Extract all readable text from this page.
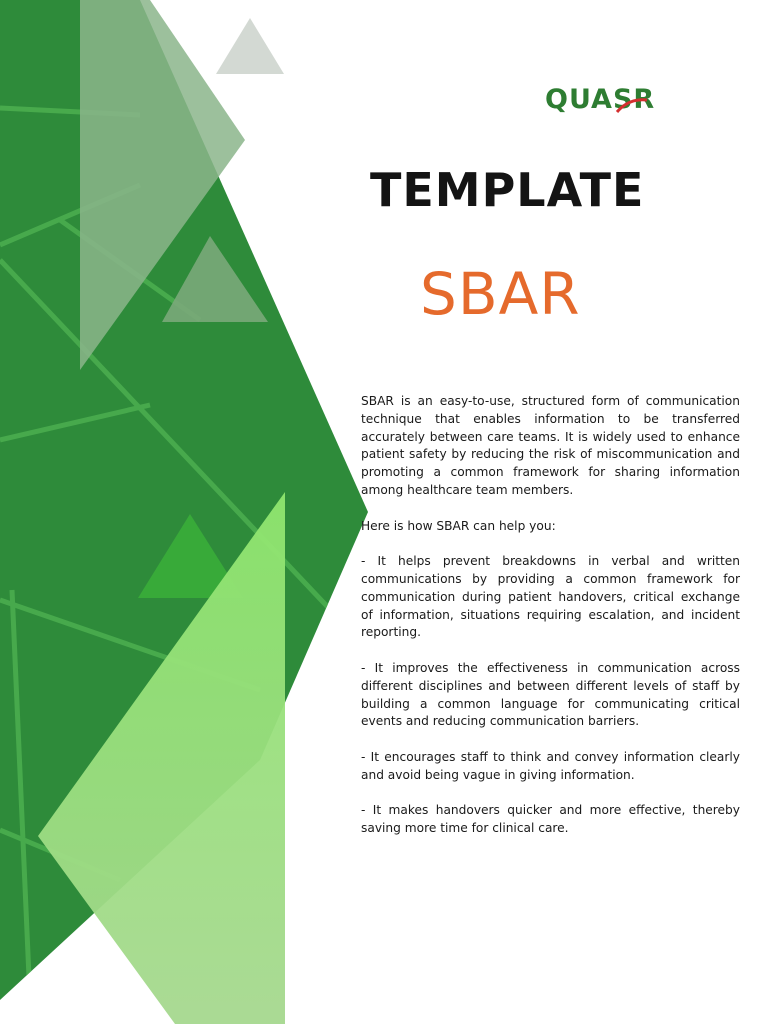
QUASR
TEMPLATE
SBAR

SBAR is an easy-to-use, structured form of communication technique that enables information to be transferred accurately between care teams. It is widely used to enhance patient safety by reducing the risk of miscommunication and promoting a common framework for sharing information among healthcare team members.

Here is how SBAR can help you:

- It helps prevent breakdowns in verbal and written communications by providing a common framework for communication during patient handovers, critical exchange of information, situations requiring escalation, and incident reporting.

- It improves the effectiveness in communication across different disciplines and between different levels of staff by building a common language for communicating critical events and reducing communication barriers.

- It encourages staff to think and convey information clearly and avoid being vague in giving information.

- It makes handovers quicker and more effective, thereby saving more time for clinical care.
